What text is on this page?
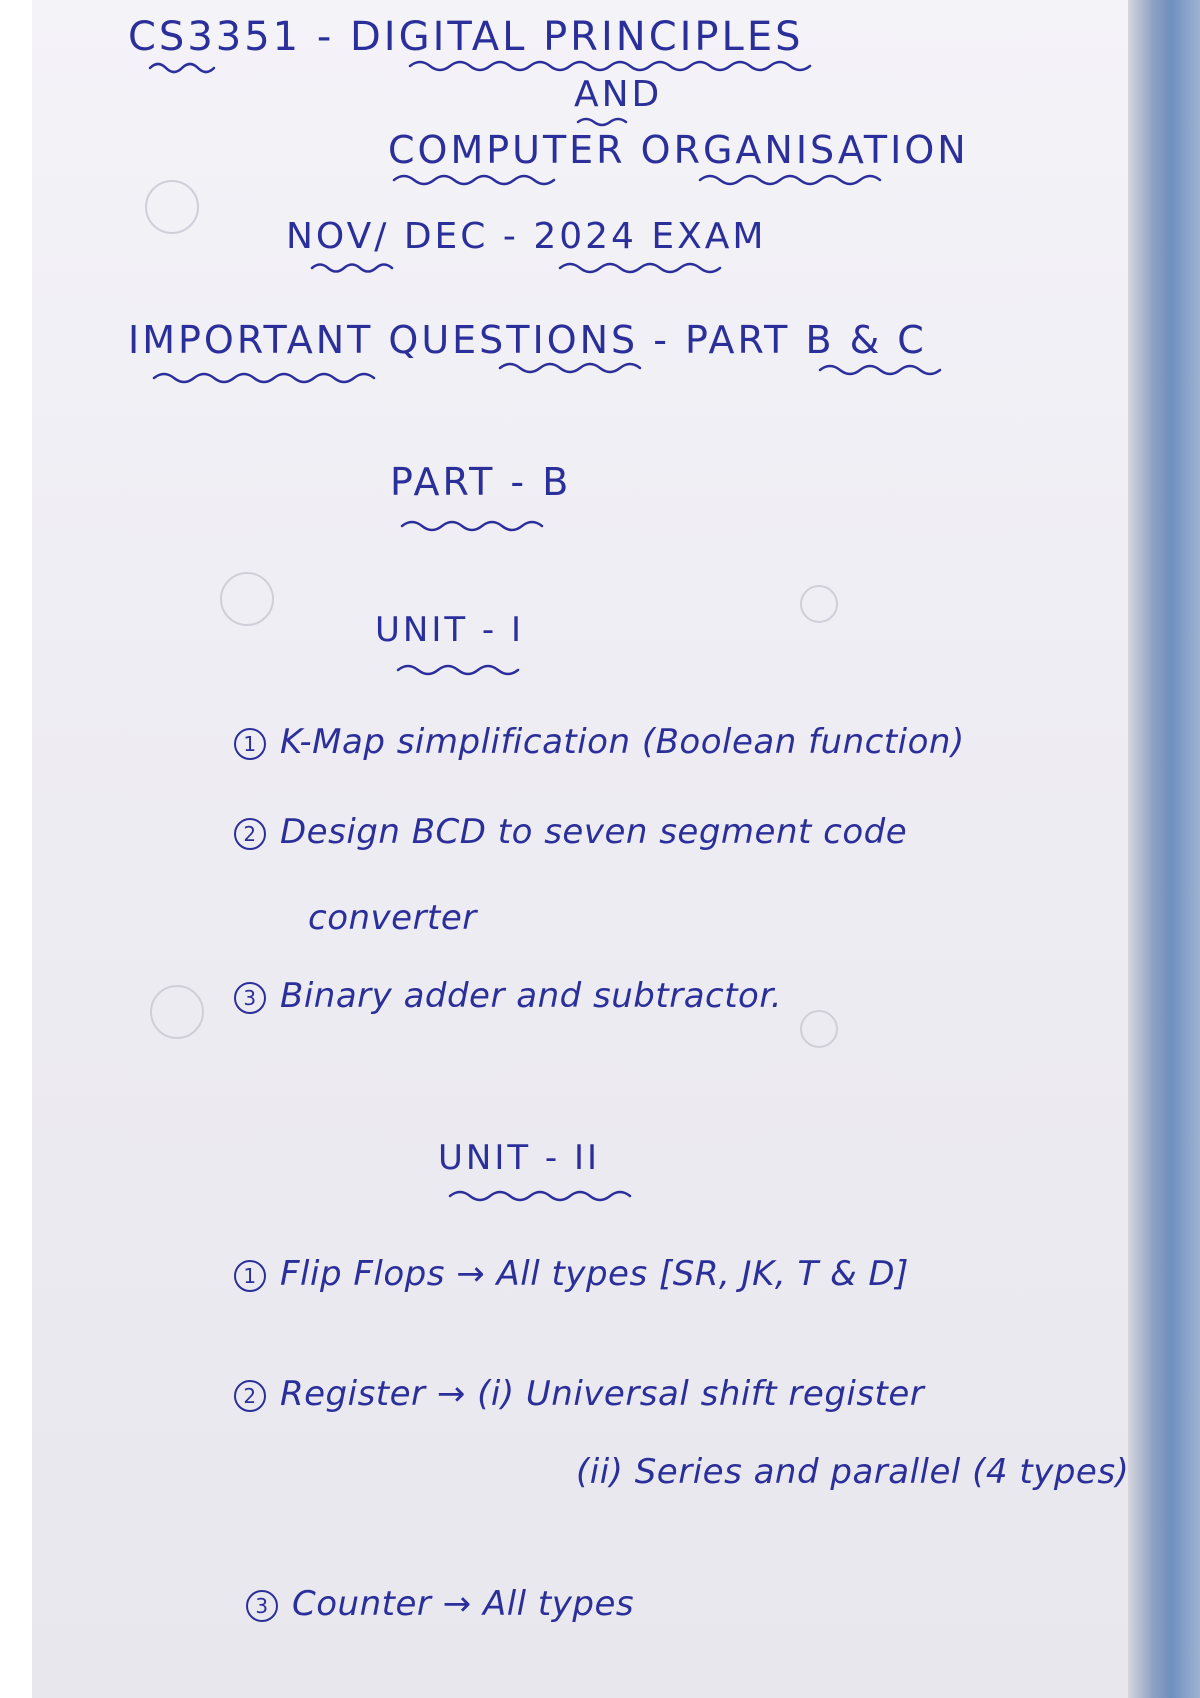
CS3351 - DIGITAL PRINCIPLES
AND
COMPUTER ORGANISATION
NOV/ DEC - 2024 EXAM
IMPORTANT QUESTIONS - PART B & C
PART - B
UNIT - I
1 K-Map simplification (Boolean function)
2 Design BCD to seven segment code
converter
3 Binary adder and subtractor.
UNIT - II
1 Flip Flops → All types [SR, JK, T & D]
2 Register → (i) Universal shift register
(ii) Series and parallel (4 types)
3 Counter → All types
